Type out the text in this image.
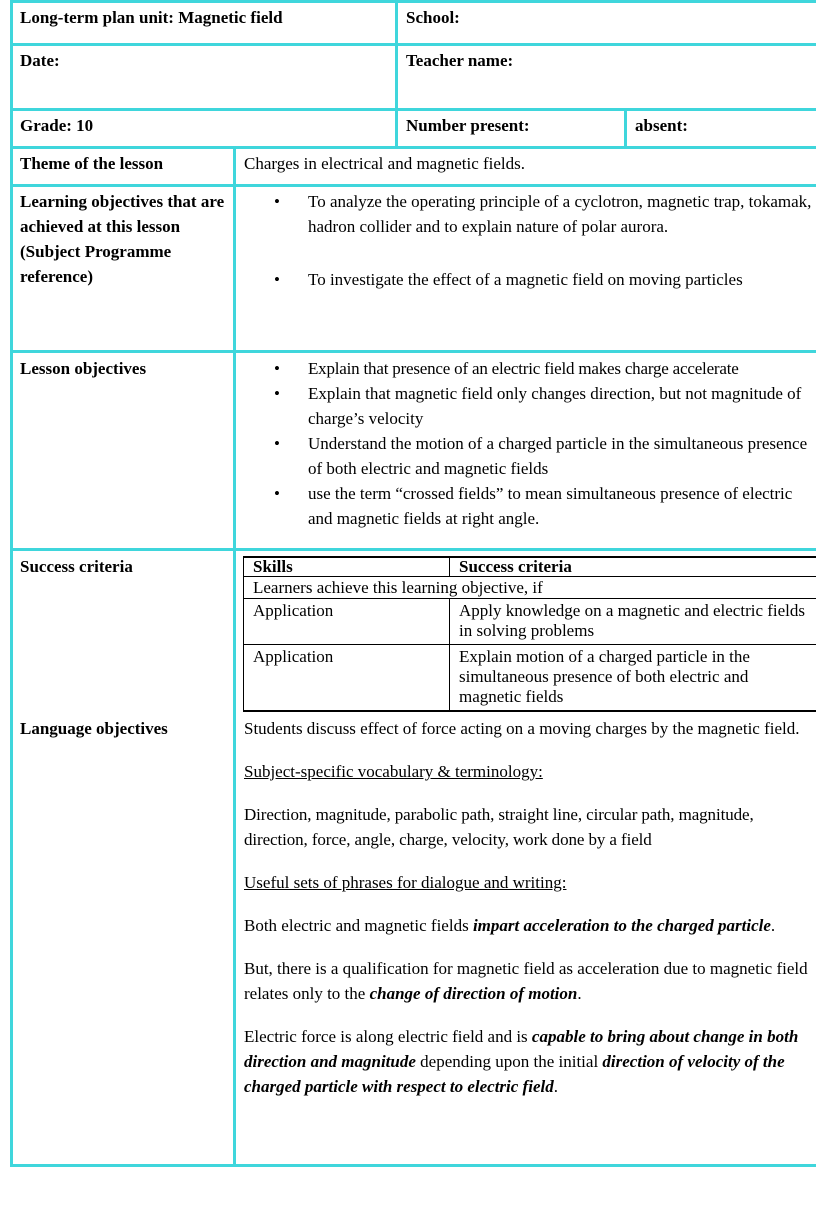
Long-term plan unit: Magnetic field	School:
Date:	Teacher name:
Grade: 10	Number present:	absent:
Theme of the lesson	Charges in electrical and magnetic fields.
Learning objectives that are achieved at this lesson (Subject Programme reference)
• To analyze the operating principle of a cyclotron, magnetic trap, tokamak, hadron collider and to explain nature of polar aurora.
• To investigate the effect of a magnetic field on moving particles
Lesson objectives
•	Explain that presence of an electric field makes charge accelerate
• Explain that magnetic field only changes direction, but not magnitude of charge’s velocity
• Understand the motion of a charged particle in the simultaneous presence of both electric and magnetic fields
• use the term “crossed fields” to mean simultaneous presence of electric and magnetic fields at right angle.
Success criteria	Skills	Success criteria
Learners achieve this learning objective, if
Application	Apply knowledge on a magnetic and electric fields in solving problems
Application	Explain motion of a charged particle in the simultaneous presence of both electric and magnetic fields
Language objectives	Students discuss effect of force acting on a moving charges by the magnetic field.

Subject-specific vocabulary & terminology:

Direction, magnitude, parabolic path, straight line, circular path, magnitude, direction, force, angle, charge, velocity, work done by a field

Useful sets of phrases for dialogue and writing:

Both electric and magnetic fields impart acceleration to the charged particle.

But, there is a qualification for magnetic field as acceleration due to magnetic field relates only to the change of direction of motion.

Electric force is along electric field and is capable to bring about change in both direction and magnitude depending upon the initial direction of velocity of the charged particle with respect to electric field.
